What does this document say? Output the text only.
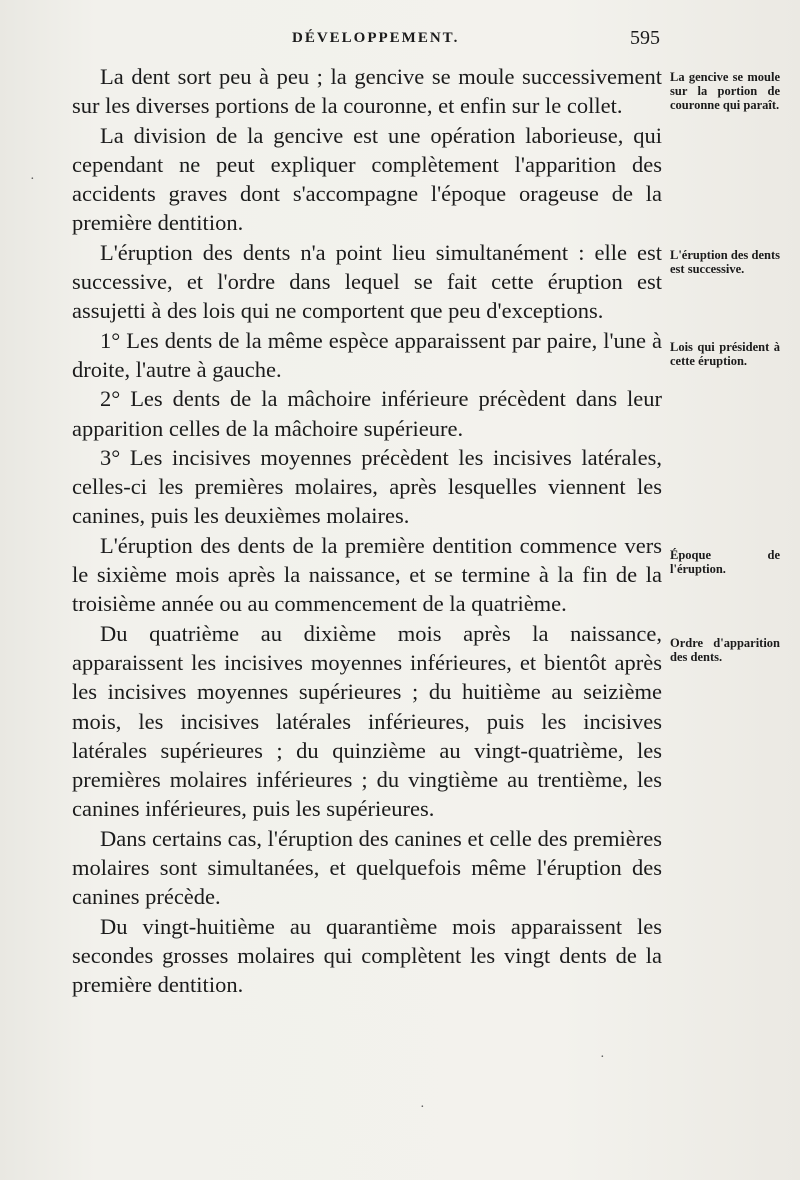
DÉVELOPPEMENT.	595

La dent sort peu à peu ; la gencive se moule successivement sur les diverses portions de la couronne, et enfin sur le collet.

La division de la gencive est une opération laborieuse, qui cependant ne peut expliquer complètement l'apparition des accidents graves dont s'accompagne l'époque orageuse de la première dentition.

L'éruption des dents n'a point lieu simultanément : elle est successive, et l'ordre dans lequel se fait cette éruption est assujetti à des lois qui ne comportent que peu d'exceptions.

1° Les dents de la même espèce apparaissent par paire, l'une à droite, l'autre à gauche.

2° Les dents de la mâchoire inférieure précèdent dans leur apparition celles de la mâchoire supérieure.

3° Les incisives moyennes précèdent les incisives latérales, celles-ci les premières molaires, après lesquelles viennent les canines, puis les deuxièmes molaires.

L'éruption des dents de la première dentition commence vers le sixième mois après la naissance, et se termine à la fin de la troisième année ou au commencement de la quatrième.

Du quatrième au dixième mois après la naissance, apparaissent les incisives moyennes inférieures, et bientôt après les incisives moyennes supérieures ; du huitième au seizième mois, les incisives latérales inférieures, puis les incisives latérales supérieures ; du quinzième au vingt-quatrième, les premières molaires inférieures ; du vingtième au trentième, les canines inférieures, puis les supérieures.

Dans certains cas, l'éruption des canines et celle des premières molaires sont simultanées, et quelquefois même l'éruption des canines précède.

Du vingt-huitième au quarantième mois apparaissent les secondes grosses molaires qui complètent les vingt dents de la première dentition.

La gencive se moule sur la portion de couronne qui paraît.
L'éruption des dents est successive.
Lois qui président à cette éruption.
Époque de l'éruption.
Ordre d'apparition des dents.
·
·
·
